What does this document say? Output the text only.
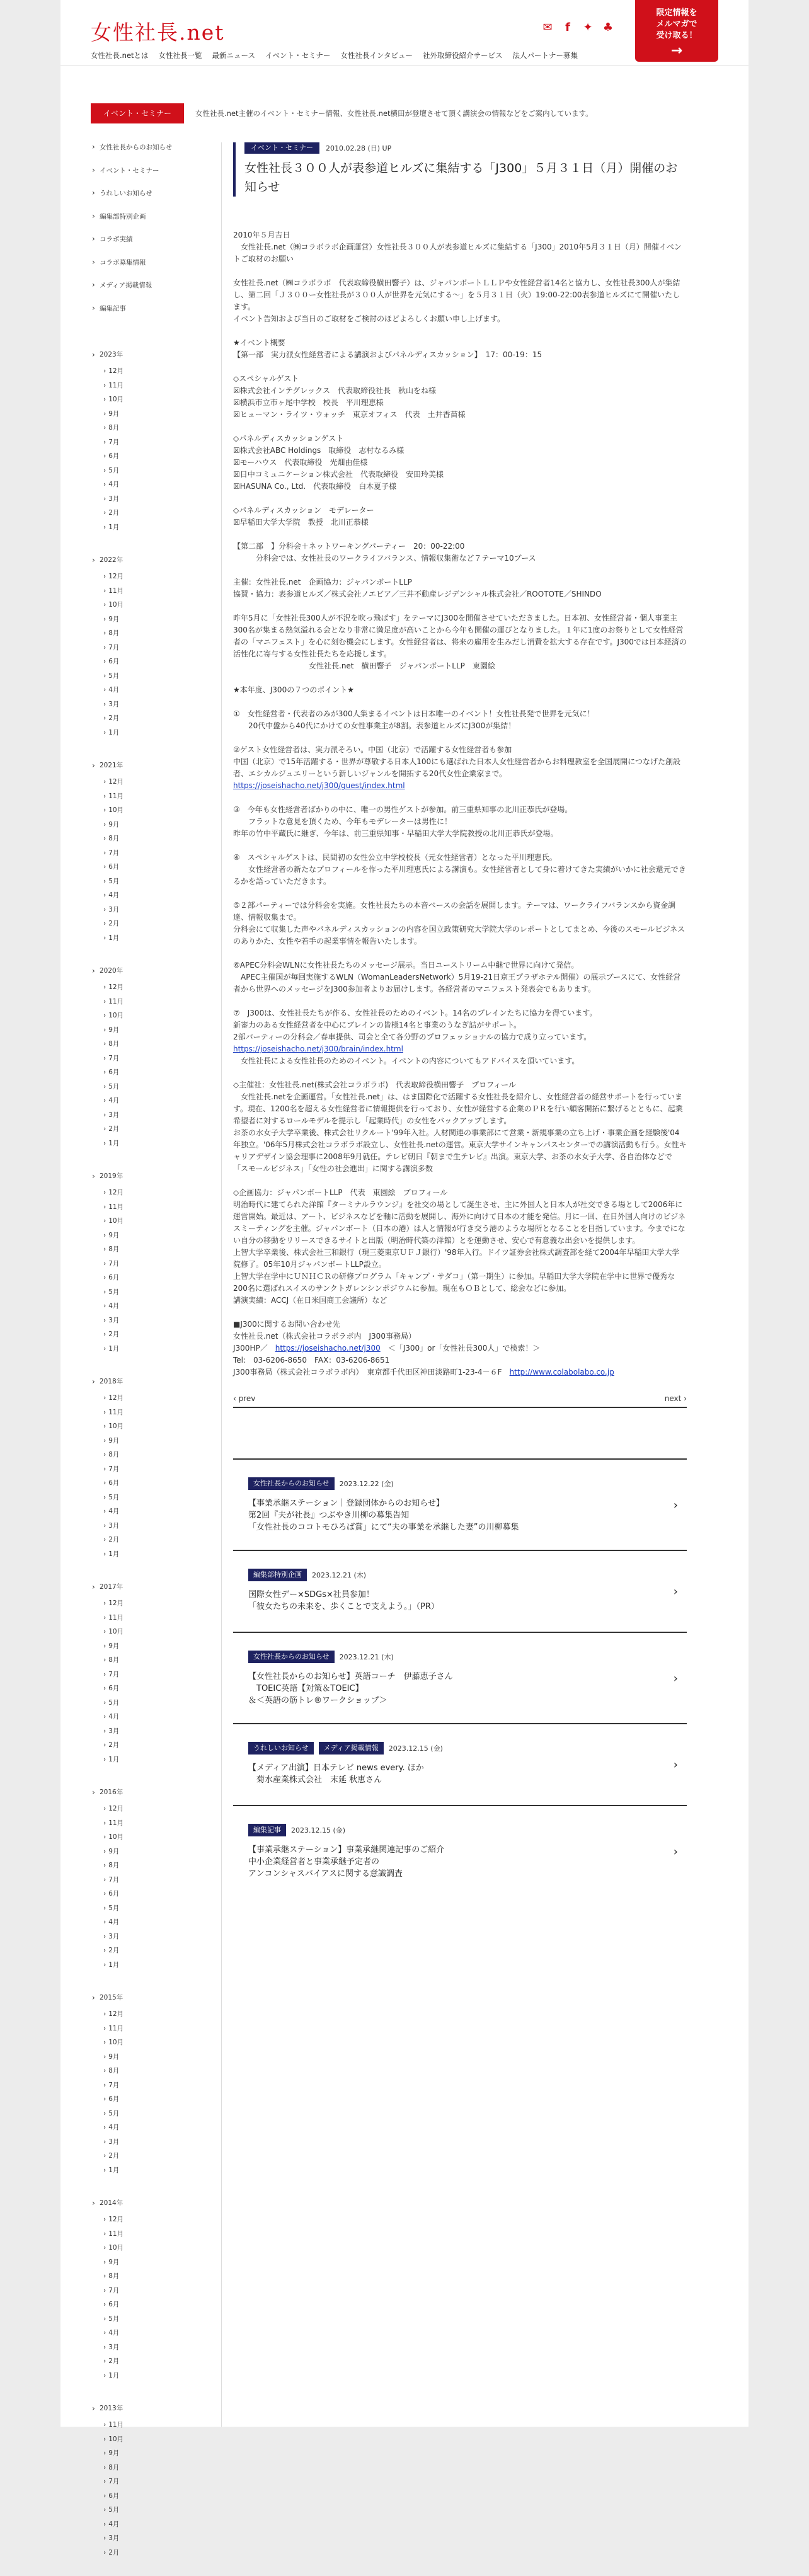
女性社長.net	✉	f	✦ ♣
限定情報を
メルマガで
受け取る！
→
女性社長.netとは 女性社長一覧 最新ニュース イベント・セミナー 女性社長インタビュー 社外取締役紹介サービス 法人パートナー募集
イベント・セミナー	女性社長.net主催のイベント・セミナー情報、女性社長.net横田が登壇させて頂く講演会の情報などをご案内しています。
› 女性社長からのお知らせ
› イベント・セミナー
› うれしいお知らせ
› 編集部特別企画
› コラボ実績
› コラボ募集情報
› メディア掲載情報
› 編集記事
› 2023年
› 12月
› 11月
› 10月
› 9月
› 8月
› 7月
› 6月
› 5月
› 4月
› 3月
› 2月
› 1月
› 2022年
› 12月
› 11月
› 10月
› 9月
› 8月
› 7月
› 6月
› 5月
› 4月
› 3月
› 2月
› 1月
› 2021年
› 12月
› 11月
› 10月
› 9月
› 8月
› 7月
› 6月
› 5月
› 4月
› 3月
› 2月
› 1月
› 2020年
› 12月
› 11月
› 10月
› 9月
› 8月
› 7月
› 6月
› 5月
› 4月
› 3月
› 2月
› 1月
› 2019年
› 12月
› 11月
› 10月
› 9月
› 8月
› 7月
› 6月
› 5月
› 4月
› 3月
› 2月
› 1月
› 2018年
› 12月
› 11月
› 10月
› 9月
› 8月
› 7月
› 6月
› 5月
› 4月
› 3月
› 2月
› 1月
› 2017年
› 12月
› 11月
› 10月
› 9月
› 8月
› 7月
› 6月
› 5月
› 4月
› 3月
› 2月
› 1月
› 2016年
› 12月
› 11月
› 10月
› 9月
› 8月
› 7月
› 6月
› 5月
› 4月
› 3月
› 2月
› 1月
› 2015年
› 12月
› 11月
› 10月
› 9月
› 8月
› 7月
› 6月
› 5月
› 4月
› 3月
› 2月
› 1月
› 2014年
› 12月
› 11月
› 10月
› 9月
› 8月
› 7月
› 6月
› 5月
› 4月
› 3月
› 2月
› 1月
› 2013年
› 11月
› 10月
› 9月
› 8月
› 7月
› 6月
› 5月
› 4月
› 3月
› 2月
イベント・セミナー	2010.02.28 (日) UP
女性社長３００人が表参道ヒルズに集結する「J300」５月３１日（月）開催のお知らせ

2010年５月吉日
　女性社長.net（㈱コラボラボ企画運営）女性社長３００人が表参道ヒルズに集結する「J300」2010年5月３１日（月）開催イベントご取材のお願い

女性社長.net（㈱コラボラボ　代表取締役横田響子）は、ジャパンボートＬＬＰや女性経営者14名と協力し、女性社長300人が集結し、第二回「Ｊ３００ー女性社長が３００人が世界を元気にする〜」を５月３１日（火）19:00-22:00表参道ヒルズにて開催いたします。
イベント告知および当日のご取材をご検討のほどよろしくお願い申し上げます。

★イベント概要
【第一部　実力派女性経営者による講演およびパネルディスカッション】　17：00-19：15

◇スペシャルゲスト
☒株式会社インテグレックス　代表取締役社長　秋山をね様
☒横浜市立市ヶ尾中学校　校長　平川理恵様
☒ヒューマン・ライツ・ウォッチ　東京オフィス　代表　土井香苗様

◇パネルディスカッションゲスト
☒株式会社ABC Holdings　取締役　志村なるみ様
☒モーハウス　代表取締役　光畑由佳様
☒日中コミュニケーション株式会社　代表取締役　安田玲美様
☒HASUNA Co., Ltd.　代表取締役　白木夏子様

◇パネルディスカッション　モデレーター
☒早稲田大学大学院　教授　北川正恭様

【第二部　】分科会＋ネットワーキングパーティー　20：00-22:00
　　　分科会では、女性社長のワークライフバランス、情報収集術など７テーマ10ブース

主催：女性社長.net　企画協力：ジャパンボートLLP
協賛・協力：表参道ヒルズ／株式会社ノエビア／三井不動産レジデンシャル株式会社／ROOTOTE／SHINDO

昨年5月に「女性社長300人が不況を吹っ飛ばす」をテーマにJ300を開催させていただきました。日本初、女性経営者・個人事業主300名が集まる熱気溢れる会となり非常に満足度が高いことから今年も開催の運びとなりました。１年に1度のお祭りとして女性経営者の「マニフェスト」を心に刻む機会にします。女性経営者は、将来の雇用を生みだし消費を拡大する存在です。J300では日本経済の活性化に寄与する女性社長たちを応援します。
　　　　　　　　　　女性社長.net　横田響子　ジャパンボートLLP　東園絵

★本年度、J300の７つのポイント★

①　女性経営者・代表者のみが300人集まるイベントは日本唯一のイベント！女性社長発で世界を元気に！
　　20代中盤から40代にかけての女性事業主が8割。表参道ヒルズにJ300が集結！

②ゲスト女性経営者は、実力派そろい。中国（北京）で活躍する女性経営者も参加
中国（北京）で15年活躍する・世界が尊敬する日本人100にも選ばれた日本人女性経営者からお料理教室を全国展開につなげた創設者、エシカルジュエリーという新しいジャンルを開拓する20代女性企業家まで。
https://joseishacho.net/j300/guest/index.html

③　今年も女性経営者ばかりの中に、唯一の男性ゲストが参加。前三重県知事の北川正恭氏が登場。
　　フラットな意見を頂くため、今年もモデレーターは男性に！
昨年の竹中平蔵氏に継ぎ、今年は、前三重県知事・早稲田大学大学院教授の北川正恭氏が登場。

④　スペシャルゲストは、民間初の女性公立中学校校長（元女性経営者）となった平川理恵氏。
　　女性経営者の新たなプロフィールを作った平川理恵氏による講演も。女性経営者として身に着けてきた実績がいかに社会還元できるかを語っていただきます。

⑤２部パーティーでは分科会を実施。女性社長たちの本音ベースの会話を展開します。テーマは、ワークライフバランスから資金調達、情報収集まで。
分科会にて収集した声やパネルディスカッションの内容を国立政策研究大学院大学のレポートとしてまとめ、今後のスモールビジネスのありかた、女性や若手の起業事情を報告いたします。

⑥APEC分科会WLNに女性社長たちのメッセージ展示。当日ユーストリーム中継で世界に向けて発信。
　APEC主催国が毎回実施するWLN（WomanLeadersNetwork）5月19-21日京王プラザホテル開催）の展示ブースにて、女性経営者から世界へのメッセージをJ300参加者よりお届けします。各経営者のマニフェスト発表会でもあります。

⑦　J300は、女性社長たちが作る、女性社長のためのイベント。14名のブレインたちに協力を得ています。
新審力のある女性経営者を中心にブレインの皆様14名と事業のうなぎ詰がサポート。
2部パーティーの分科会／春車提供、司会と全て各分野のプロフェッショナルの協力で成り立っています。
https://joseishacho.net/j300/brain/index.html
　女性社長による女性社長のためのイベント。イベントの内容についてもアドバイスを頂いています。

◇主催社：女性社長.net(株式会社コラボラボ)　代表取締役横田響子　プロフィール
　女性社長.netを企画運営。「女性社長.net」は、はま国際化で活躍する女性社長を紹介し、女性経営者の経営サポートを行っています。現在、1200名を超える女性経営者に情報提供を行っており、女性が経営する企業のＰＲを行い顧客開拓に繋げるとともに、起業希望者に対するロールモデルを提示し「起業時代」の女性をバックアップします。
お茶の水女子大学卒業後、株式会社リクルート'99年入社。人材関連の事業部にて営業・新規事業の立ち上げ・事業企画を経験後'04年独立。'06年5月株式会社コラボラボ設立し、女性社長.netの運営。東京大学サインキャンパスセンターでの講演活動も行う。女性キャリアデザイン協会理事に2008年9月就任。テレビ朝日『朝まで生テレビ』出演。東京大学、お茶の水女子大学、各自治体などで「スモールビジネス」「女性の社会進出」に関する講演多数

◇企画協力：ジャパンボートLLP　代表　東園絵　プロフィール
明治時代に建てられた洋館『ターミナルラウンジ』を社交の場として誕生させ、主に外国人と日本人が社交できる場として2006年に運営開始。最近は、アート、ビジネスなどを軸に活動を展開し、海外に向けて日本の才能を発信。月に一回、在日外国人向けのビジネスミーティングを主催。ジャパンボート（日本の港）は人と情報が行き交う港のような場所となることを目指しています。今までにない自分の移動をリリースできるサイトと出版（明治時代築の洋館）とを運動させ、安心で有意義な出会いを提供します。
上智大学卒業後、株式会社三和銀行（現三菱東京ＵＦＪ銀行）'98年入行。ドイツ証券会社株式調査部を経て2004年早稲田大学大学院修了。05年10月ジャパンボートLLP設立。
上智大学在学中にＵＮＨＣＲの研修プログラム「キャンプ・サダコ」（第一期生）に参加。早稲田大学大学院在学中に世界で優秀な200名に選ばれスイスのサンクトガレンシンポジウムに参加。現在もＯＢとして、総会などに参加。
講演実績：ACCJ（在日米国商工会議所）など

■J300に関するお問い合わせ先
女性社長.net（株式会社コラボラボ内　J300事務局）
J300HP／　https://joseishacho.net/j300　＜「J300」or「女性社長300人」で検索！＞
Tel:　03-6206-8650　FAX：03-6206-8651
J300事務局（株式会社コラボラボ内）　東京都千代田区神田淡路町1-23-4－６F　http://www.colabolabo.co.jp

‹ prev	next ›
女性社長からのお知らせ	2023.12.22 (金)
【事業承継ステーション｜登録団体からのお知らせ】
第2回『夫が社長』つぶやき川柳の募集告知
「女性社長のココトモひろば賞」にて“夫の事業を承継した妻”の川柳募集
›
編集部特別企画	2023.12.21 (木)
国際女性デー×SDGs×社員参加！
「彼女たちの未来を、歩くことで支えよう。」（PR）
›
女性社長からのお知らせ	2023.12.21 (木)
【女性社長からのお知らせ】英語コーチ　伊藤恵子さん
　TOEIC英語【対策＆TOEIC】
＆＜英語の筋トレ®ワークショップ＞
›
うれしいお知らせ	メディア掲載情報	2023.12.15 (金)
【メディア出演】日本テレビ news every. ほか
　菊水産業株式会社　末延 秋恵さん
›
編集記事	2023.12.15 (金)
【事業承継ステーション】事業承継関連記事のご紹介
中小企業経営者と事業承継予定者の
アンコンシャスバイアスに関する意識調査
›
